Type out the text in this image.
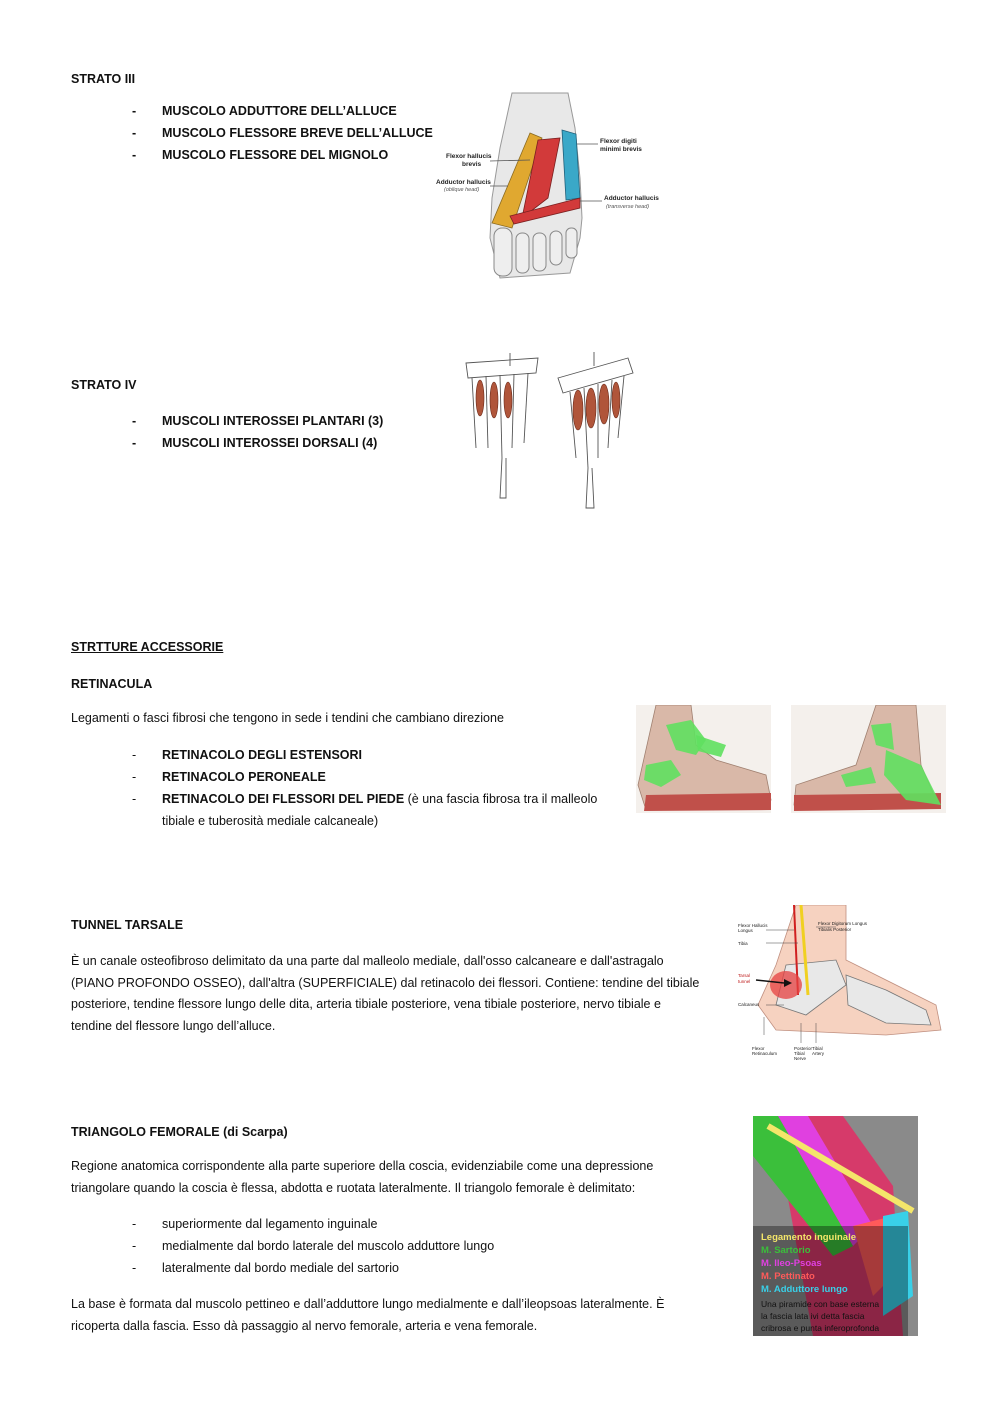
STRATO III
- MUSCOLO ADDUTTORE DELL’ALLUCE
- MUSCOLO FLESSORE BREVE DELL’ALLUCE
- MUSCOLO FLESSORE DEL MIGNOLO	Flexor hallucis
brevis
Adductor hallucis
Flexor digiti
minimi brevis
Adductor hallucis
(oblique head)
(transverse head)
STRATO IV
- MUSCOLI INTEROSSEI PLANTARI (3)
- MUSCOLI INTEROSSEI DORSALI (4)
STRTTURE ACCESSORIE
RETINACULA
Legamenti o fasci fibrosi che tengono in sede i tendini che cambiano direzione
- RETINACOLO DEGLI ESTENSORI
- RETINACOLO PERONEALE
- RETINACOLO DEI FLESSORI DEL PIEDE (è una fascia fibrosa tra il malleolo
tibiale e tuberosità mediale calcaneale)
TUNNEL TARSALE
È un canale osteofibroso delimitato da una parte dal malleolo mediale, dall'osso calcaneare e dall'astragalo
(PIANO PROFONDO OSSEO), dall'altra (SUPERFICIALE) dal retinacolo dei flessori. Contiene: tendine del tibiale
posteriore, tendine flessore lungo delle dita, arteria tibiale posteriore, vena tibiale posteriore, nervo tibiale e
tendine del flessore lungo dell’alluce.
Flexor Hallucis
Longus
Tibia
Tarsal
tunnel
Calcaneus
Flexor Digitorum Longus
Tibialis Posterior
Flexor
Retinaculum
Posterior
Tibial
Nerve
Tibial
Artery
TRIANGOLO FEMORALE (di Scarpa)
Regione anatomica corrispondente alla parte superiore della coscia, evidenziabile come una depressione
triangolare quando la coscia è flessa, abdotta e ruotata lateralmente. Il triangolo femorale è delimitato:
- superiormente dal legamento inguinale
- medialmente dal bordo laterale del muscolo adduttore lungo
- lateralmente dal bordo mediale del sartorio
La base è formata dal muscolo pettineo e dall’adduttore lungo medialmente e dall’ileopsoas lateralmente. È
ricoperta dalla fascia. Esso dà passaggio al nervo femorale, arteria e vena femorale.
Legamento inguinale
M. Sartorio
M. Ileo-Psoas
M. Pettinato
M. Adduttore lungo
Una piramide con base esterna
la fascia lata ivi detta fascia
cribrosa e punta inferoprofonda
